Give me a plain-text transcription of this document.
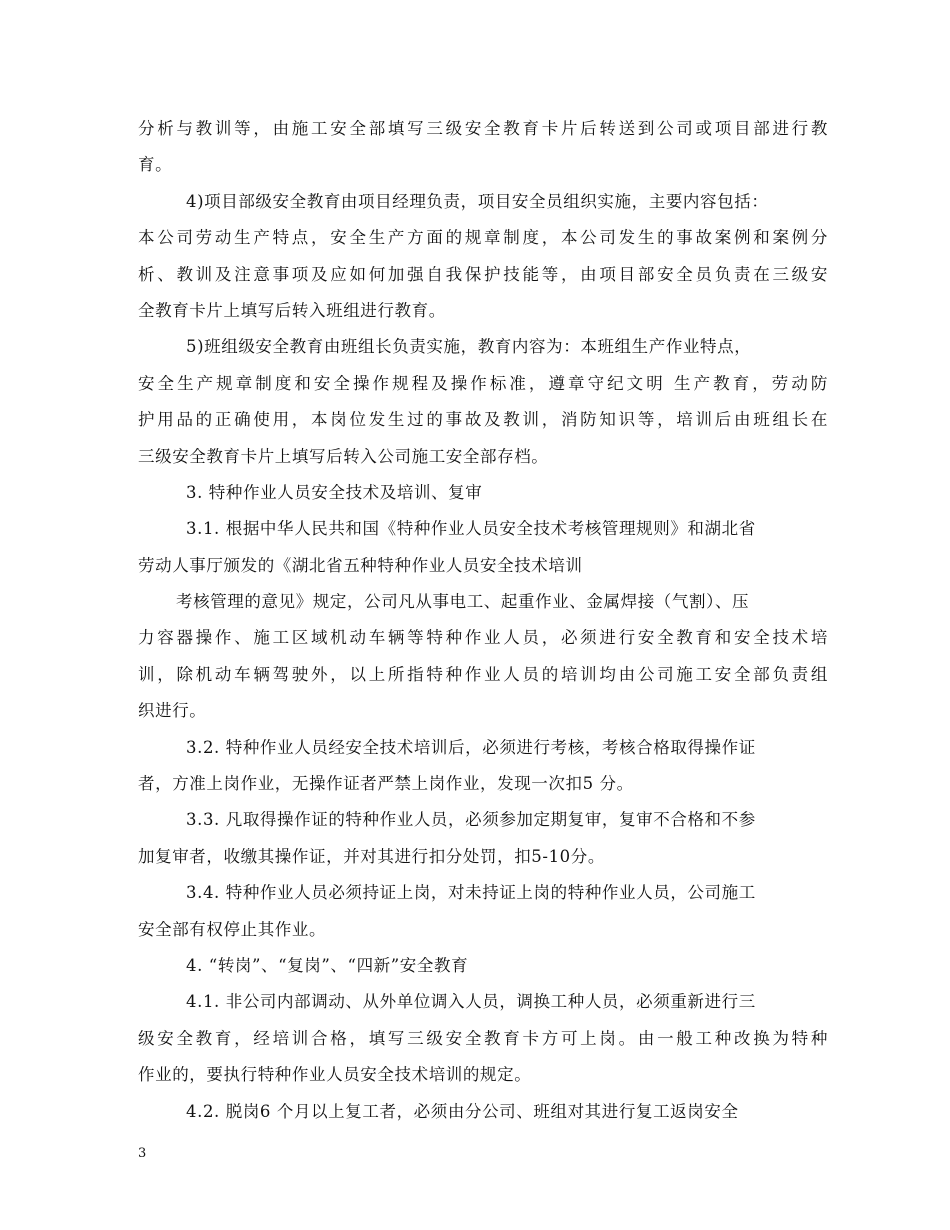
分析与教训等，由施工安全部填写三级安全教育卡片后转送到公司或项目部进行教
育。
4)项目部级安全教育由项目经理负责，项目安全员组织实施，主要内容包括：
本公司劳动生产特点，安全生产方面的规章制度，本公司发生的事故案例和案例分
析、教训及注意事项及应如何加强自我保护技能等，由项目部安全员负责在三级安
全教育卡片上填写后转入班组进行教育。
5)班组级安全教育由班组长负责实施，教育内容为：本班组生产作业特点，
安全生产规章制度和安全操作规程及操作标准，遵章守纪文明 生产教育，劳动防
护用品的正确使用，本岗位发生过的事故及教训，消防知识等，培训后由班组长在
三级安全教育卡片上填写后转入公司施工安全部存档。
3. 特种作业人员安全技术及培训、复审
3.1. 根据中华人民共和国《特种作业人员安全技术考核管理规则》和湖北省
劳动人事厅颁发的《湖北省五种特种作业人员安全技术培训
考核管理的意见》规定，公司凡从事电工、起重作业、金属焊接（气割）、压
力容器操作、施工区域机动车辆等特种作业人员，必须进行安全教育和安全技术培
训，除机动车辆驾驶外，以上所指特种作业人员的培训均由公司施工安全部负责组
织进行。
3.2. 特种作业人员经安全技术培训后，必须进行考核，考核合格取得操作证
者，方准上岗作业，无操作证者严禁上岗作业，发现一次扣5 分。
3.3. 凡取得操作证的特种作业人员，必须参加定期复审，复审不合格和不参
加复审者，收缴其操作证，并对其进行扣分处罚，扣5-10分。
3.4. 特种作业人员必须持证上岗，对未持证上岗的特种作业人员，公司施工
安全部有权停止其作业。
4. “转岗”、“复岗”、“四新”安全教育
4.1. 非公司内部调动、从外单位调入人员，调换工种人员，必须重新进行三
级安全教育，经培训合格，填写三级安全教育卡方可上岗。由一般工种改换为特种
作业的，要执行特种作业人员安全技术培训的规定。
4.2. 脱岗6 个月以上复工者，必须由分公司、班组对其进行复工返岗安全
3
